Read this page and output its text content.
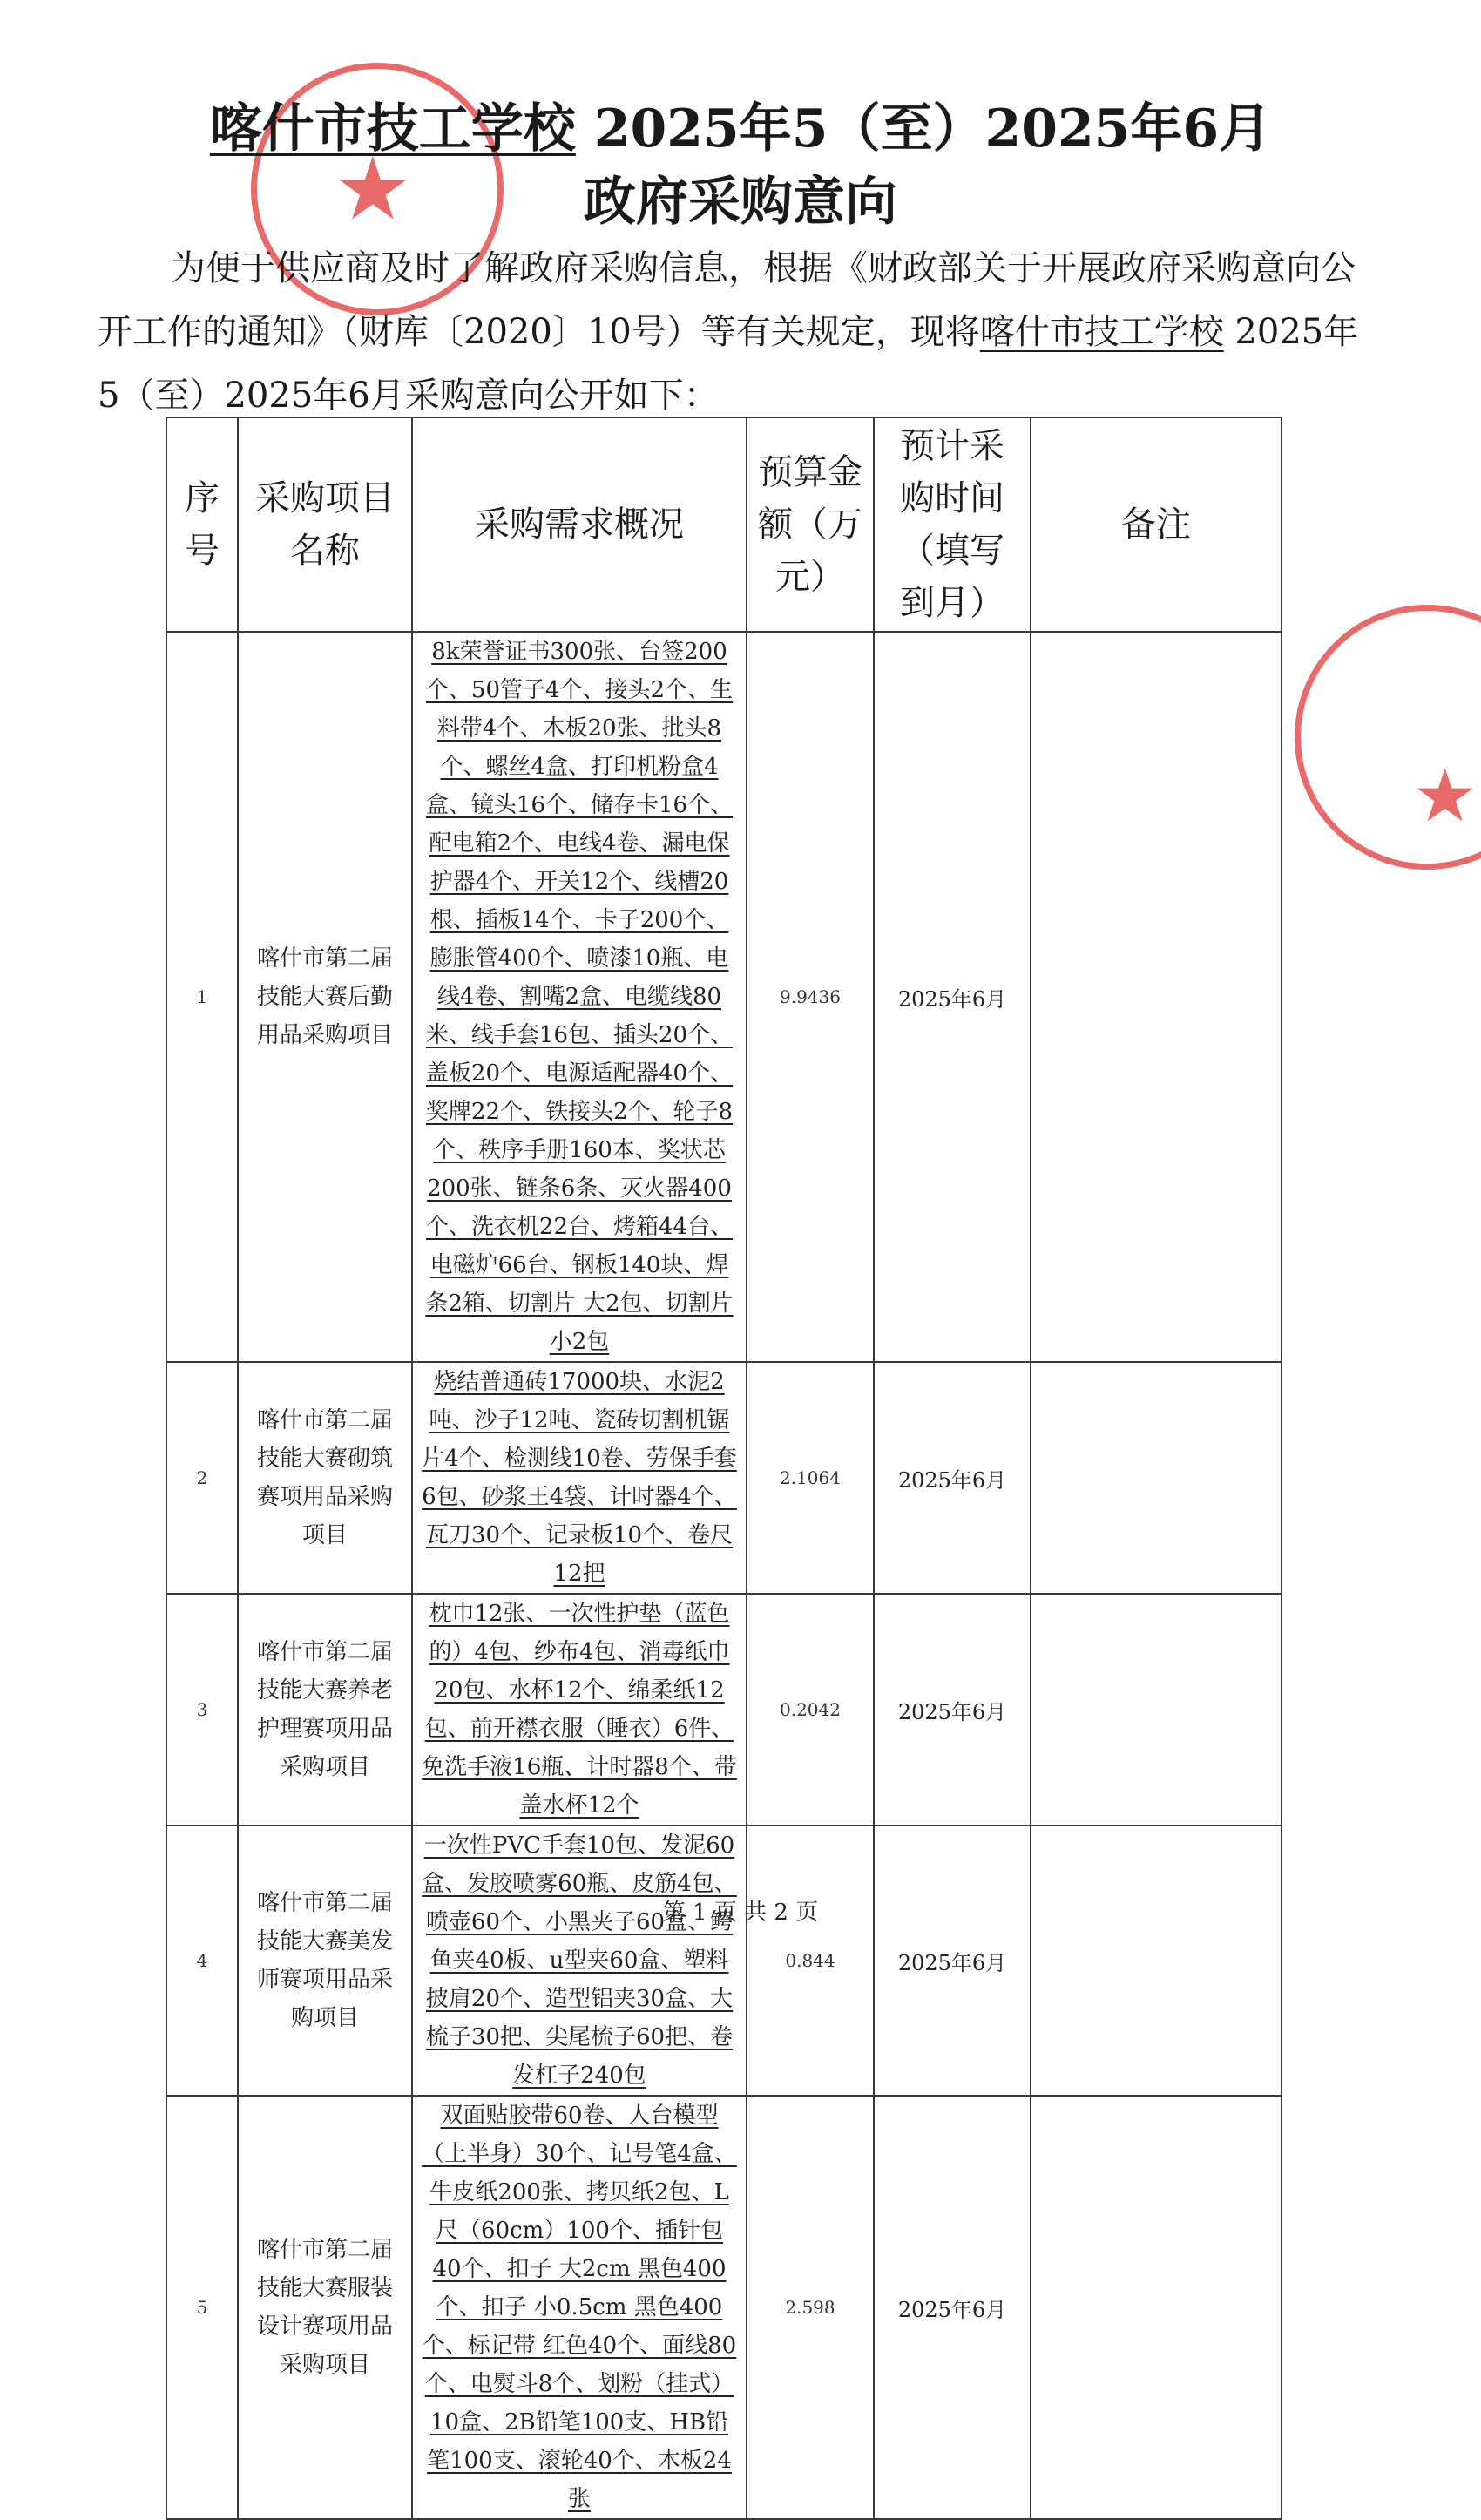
★
★
喀什市技工学校 2025年5（至）2025年6月
政府采购意向

为便于供应商及时了解政府采购信息，根据《财政部关于开展政府采购意向公开工作的通知》（财库〔2020〕10号）等有关规定，现将喀什市技工学校 2025年5（至）2025年6月采购意向公开如下：

序号	采购项目名称	采购需求概况	预算金额（万元）	预计采购时间（填写到月）	备注
1	喀什市第二届技能大赛后勤用品采购项目	8k荣誉证书300张、台签200个、50管子4个、接头2个、生料带4个、木板20张、批头8个、螺丝4盒、打印机粉盒4盒、镜头16个、储存卡16个、配电箱2个、电线4卷、漏电保护器4个、开关12个、线槽20根、插板14个、卡子200个、膨胀管400个、喷漆10瓶、电线4卷、割嘴2盒、电缆线80米、线手套16包、插头20个、盖板20个、电源适配器40个、奖牌22个、铁接头2个、轮子8个、秩序手册160本、奖状芯200张、链条6条、灭火器400个、洗衣机22台、烤箱44台、电磁炉66台、钢板140块、焊条2箱、切割片 大2包、切割片 小2包	9.9436	2025年6月	
2	喀什市第二届技能大赛砌筑赛项用品采购项目	烧结普通砖17000块、水泥2吨、沙子12吨、瓷砖切割机锯片4个、检测线10卷、劳保手套6包、砂浆王4袋、计时器4个、瓦刀30个、记录板10个、卷尺12把	2.1064	2025年6月	
3	喀什市第二届技能大赛养老护理赛项用品采购项目	枕巾12张、一次性护垫（蓝色的）4包、纱布4包、消毒纸巾20包、水杯12个、绵柔纸12包、前开襟衣服（睡衣）6件、免洗手液16瓶、计时器8个、带盖水杯12个	0.2042	2025年6月	
4	喀什市第二届技能大赛美发师赛项用品采购项目	一次性PVC手套10包、发泥60盒、发胶喷雾60瓶、皮筋4包、喷壶60个、小黑夹子60盒、鳄鱼夹40板、u型夹60盒、塑料披肩20个、造型铝夹30盒、大梳子30把、尖尾梳子60把、卷发杠子240包	0.844	2025年6月	
5	喀什市第二届技能大赛服装设计赛项用品采购项目	双面贴胶带60卷、人台模型（上半身）30个、记号笔4盒、牛皮纸200张、拷贝纸2包、L尺（60cm）100个、插针包40个、扣子 大2cm 黑色400个、扣子 小0.5cm 黑色400个、标记带 红色40个、面线80个、电熨斗8个、划粉（挂式）10盒、2B铅笔100支、HB铅笔100支、滚轮40个、木板24张	2.598	2025年6月	
第 1 页 共 2 页
